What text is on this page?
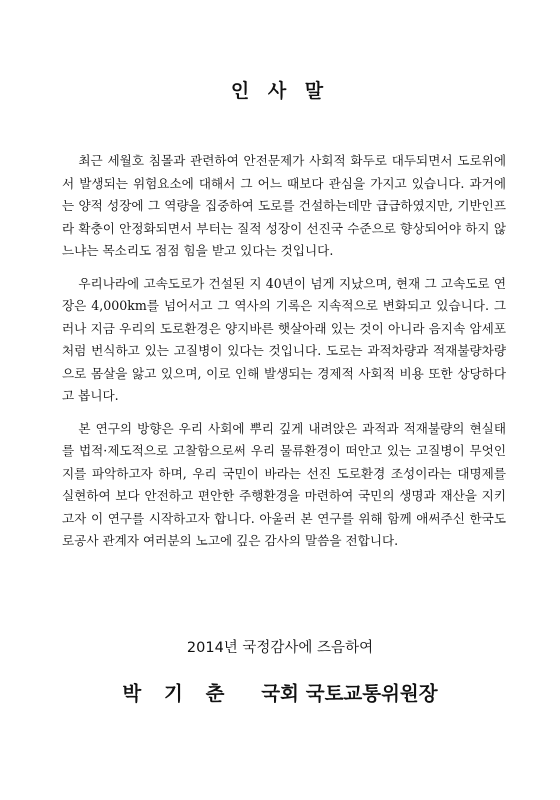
인 사 말

최근 세월호 침몰과 관련하여 안전문제가 사회적 화두로 대두되면서 도로위에서 발생되는 위험요소에 대해서 그 어느 때보다 관심을 가지고 있습니다. 과거에는 양적 성장에 그 역량을 집중하여 도로를 건설하는데만 급급하였지만, 기반인프라 확충이 안정화되면서 부터는 질적 성장이 선진국 수준으로 향상되어야 하지 않느냐는 목소리도 점점 힘을 받고 있다는 것입니다.

우리나라에 고속도로가 건설된 지 40년이 넘게 지났으며, 현재 그 고속도로 연장은 4,000km를 넘어서고 그 역사의 기록은 지속적으로 변화되고 있습니다. 그러나 지금 우리의 도로환경은 양지바른 햇살아래 있는 것이 아니라 음지속 암세포처럼 번식하고 있는 고질병이 있다는 것입니다. 도로는 과적차량과 적재불량차량으로 몸살을 앓고 있으며, 이로 인해 발생되는 경제적 사회적 비용 또한 상당하다고 봅니다.

본 연구의 방향은 우리 사회에 뿌리 깊게 내려앉은 과적과 적재불량의 현실태를 법적·제도적으로 고찰함으로써 우리 물류환경이 떠안고 있는 고질병이 무엇인지를 파악하고자 하며, 우리 국민이 바라는 선진 도로환경 조성이라는 대명제를 실현하여 보다 안전하고 편안한 주행환경을 마련하여 국민의 생명과 재산을 지키고자 이 연구를 시작하고자 합니다. 아울러 본 연구를 위해 함께 애써주신 한국도로공사 관계자 여러분의 노고에 깊은 감사의 말씀을 전합니다.

2014년 국정감사에 즈음하여
박 기 춘 국회 국토교통위원장
